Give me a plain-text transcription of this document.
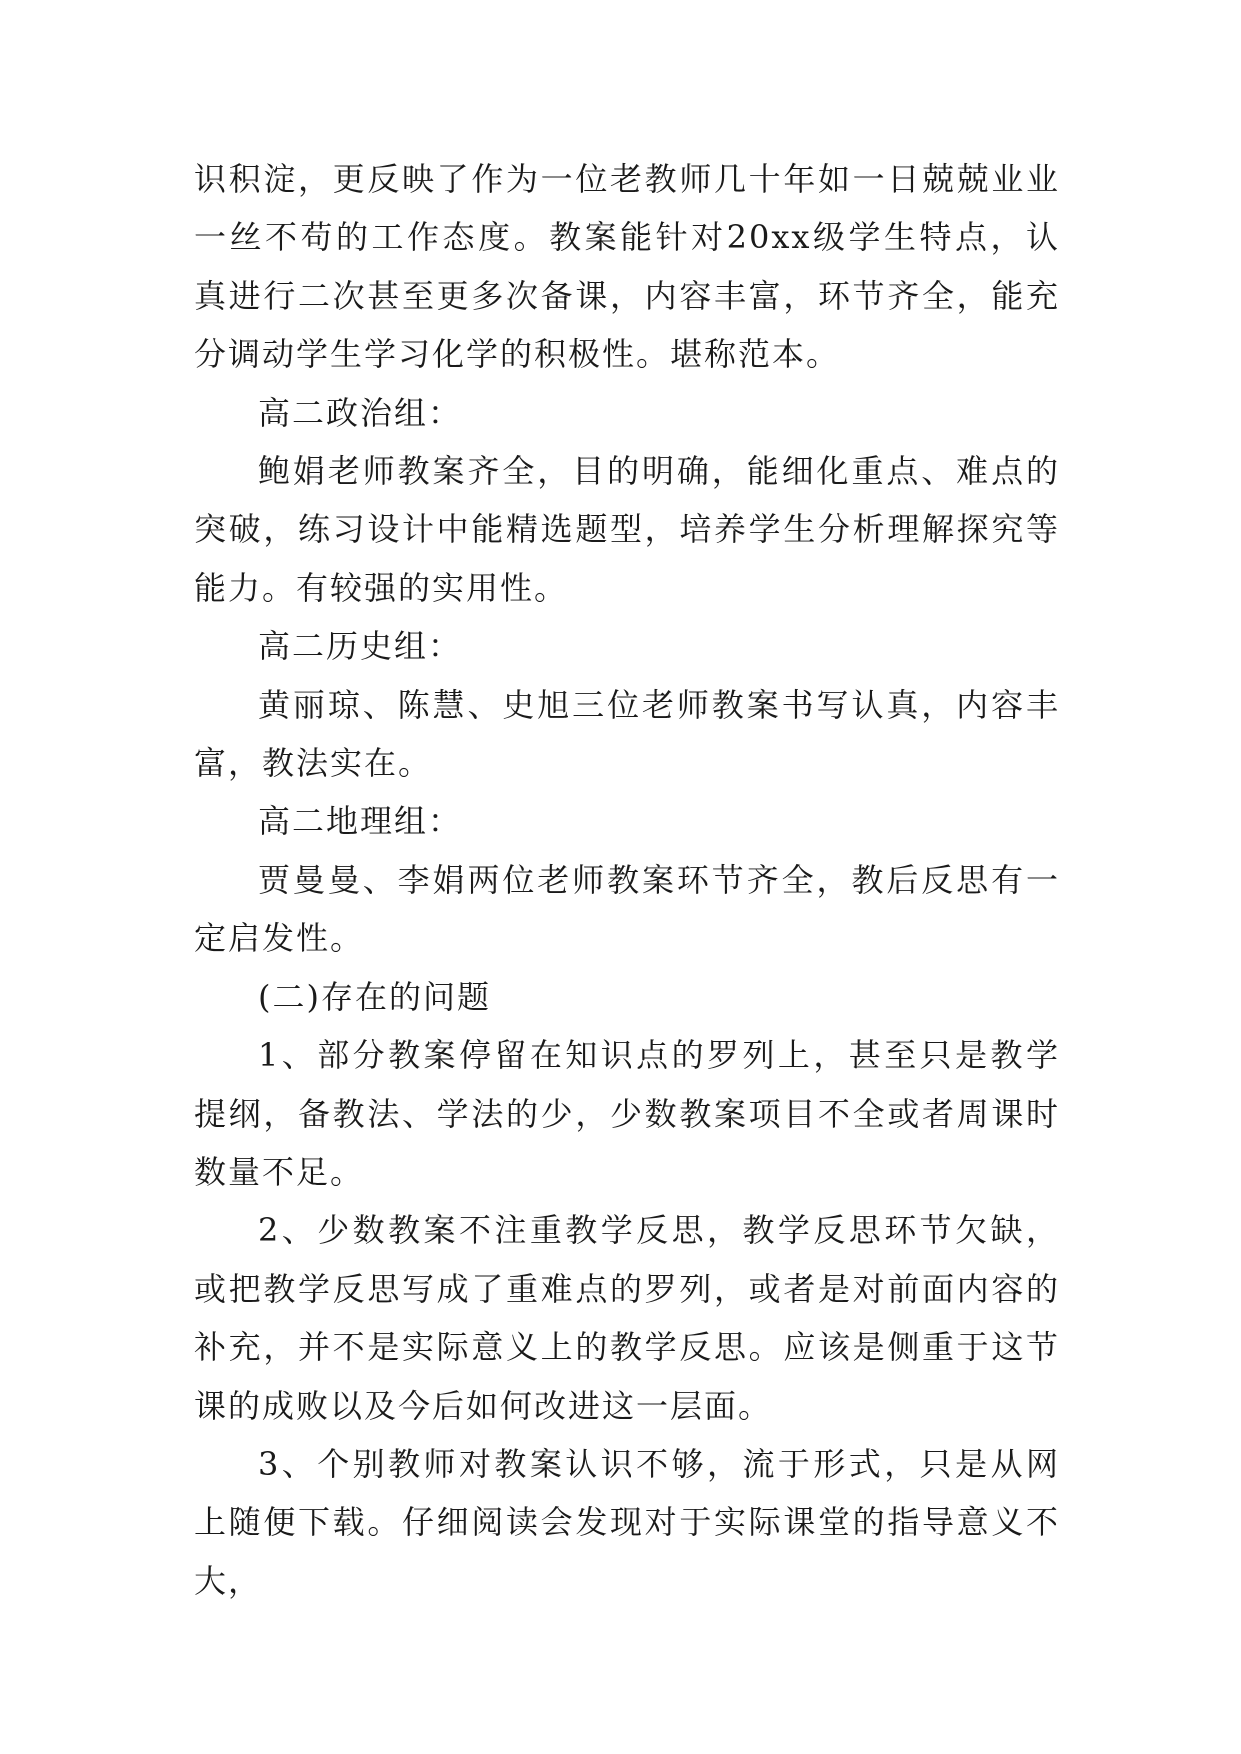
识积淀，更反映了作为一位老教师几十年如一日兢兢业业一丝不苟的工作态度。教案能针对20xx级学生特点，认真进行二次甚至更多次备课，内容丰富，环节齐全，能充分调动学生学习化学的积极性。堪称范本。

高二政治组：

鲍娟老师教案齐全，目的明确，能细化重点、难点的突破，练习设计中能精选题型，培养学生分析理解探究等能力。有较强的实用性。

高二历史组：

黄丽琼、陈慧、史旭三位老师教案书写认真，内容丰富，教法实在。

高二地理组：

贾曼曼、李娟两位老师教案环节齐全，教后反思有一定启发性。

(二)存在的问题

1、部分教案停留在知识点的罗列上，甚至只是教学提纲，备教法、学法的少，少数教案项目不全或者周课时数量不足。

2、少数教案不注重教学反思，教学反思环节欠缺，或把教学反思写成了重难点的罗列，或者是对前面内容的补充，并不是实际意义上的教学反思。应该是侧重于这节课的成败以及今后如何改进这一层面。

3、个别教师对教案认识不够，流于形式，只是从网上随便下载。仔细阅读会发现对于实际课堂的指导意义不大，
